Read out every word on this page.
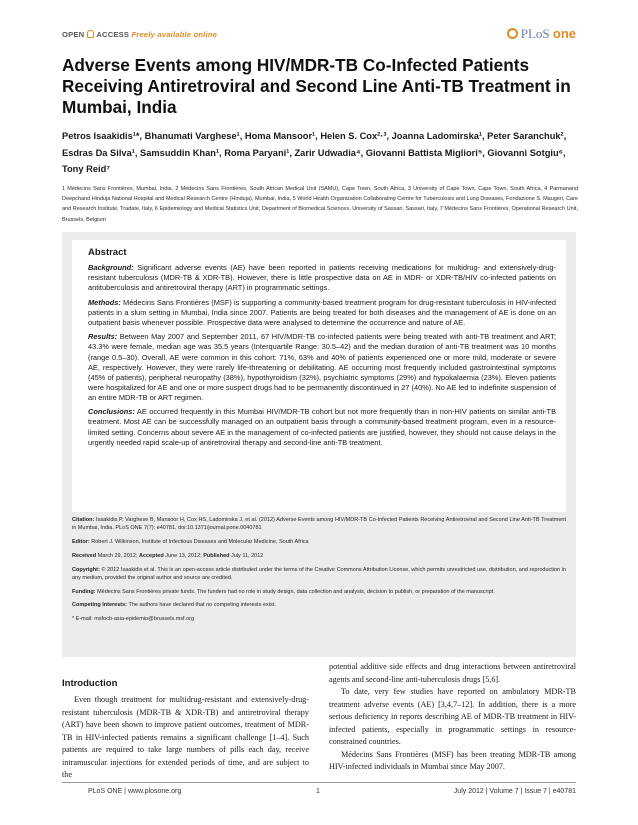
OPEN ACCESS Freely available online	PLoS one
Adverse Events among HIV/MDR-TB Co-Infected Patients Receiving Antiretroviral and Second Line Anti-TB Treatment in Mumbai, India
Petros Isaakidis¹*, Bhanumati Varghese¹, Homa Mansoor¹, Helen S. Cox²·³, Joanna Ladomirska¹, Peter Saranchuk², Esdras Da Silva¹, Samsuddin Khan¹, Roma Paryani¹, Zarir Udwadia⁴, Giovanni Battista Migliori⁵, Giovanni Sotgiu⁶, Tony Reid⁷
1 Médecins Sans Frontières, Mumbai, India, 2 Médecins Sans Frontières, South African Medical Unit (SAMU), Cape Town, South Africa, 3 University of Cape Town, Cape Town, South Africa, 4 Parmanand Deepchand Hinduja National Hospital and Medical Research Centre (Hinduja), Mumbai, India, 5 World Health Organization Collaborating Centre for Tuberculosis and Lung Diseases, Fondazione S. Maugeri, Care and Research Institute, Tradate, Italy, 6 Epidemiology and Medical Statistics Unit, Department of Biomedical Sciences, University of Sassari, Sassari, Italy, 7 Médecins Sans Frontières, Operational Research Unit, Brussels, Belgium
Abstract

Background: Significant adverse events (AE) have been reported in patients receiving medications for multidrug- and extensively-drug-resistant tuberculosis (MDR-TB & XDR-TB). However, there is little prospective data on AE in MDR- or XDR-TB/HIV co-infected patients on antituberculosis and antiretroviral therapy (ART) in programmatic settings.

Methods: Médecins Sans Frontières (MSF) is supporting a community-based treatment program for drug-resistant tuberculosis in HIV-infected patients in a slum setting in Mumbai, India since 2007. Patients are being treated for both diseases and the management of AE is done on an outpatient basis whenever possible. Prospective data were analysed to determine the occurrence and nature of AE.

Results: Between May 2007 and September 2011, 67 HIV/MDR-TB co-infected patients were being treated with anti-TB treatment and ART; 43.3% were female, median age was 35.5 years (Interquartile Range: 30.5–42) and the median duration of anti-TB treatment was 10 months (range 0.5–30). Overall, AE were common in this cohort: 71%, 63% and 40% of patients experienced one or more mild, moderate or severe AE, respectively. However, they were rarely life-threatening or debilitating. AE occurring most frequently included gastrointestinal symptoms (45% of patients), peripheral neuropathy (38%), hypothyroidism (32%), psychiatric symptoms (29%) and hypokalaemia (23%). Eleven patients were hospitalized for AE and one or more suspect drugs had to be permanently discontinued in 27 (40%). No AE led to indefinite suspension of an entire MDR-TB or ART regimen.

Conclusions: AE occurred frequently in this Mumbai HIV/MDR-TB cohort but not more frequently than in non-HIV patients on similar anti-TB treatment. Most AE can be successfully managed on an outpatient basis through a community-based treatment program, even in a resource-limited setting. Concerns about severe AE in the management of co-infected patients are justified, however, they should not cause delays in the urgently needed rapid scale-up of antiretroviral therapy and second-line anti-TB treatment.

Citation: Isaakidis P, Varghese B, Mansoor H, Cox HS, Ladomirska J, et al. (2012) Adverse Events among HIV/MDR-TB Co-Infected Patients Receiving Antiretroviral and Second Line Anti-TB Treatment in Mumbai, India. PLoS ONE 7(7): e40781. doi:10.1371/journal.pone.0040781

Editor: Robert J. Wilkinson, Institute of Infectious Diseases and Molecular Medicine, South Africa

Received March 29, 2012; Accepted June 13, 2012; Published July 11, 2012

Copyright: © 2012 Isaakidis et al. This is an open-access article distributed under the terms of the Creative Commons Attribution License, which permits unrestricted use, distribution, and reproduction in any medium, provided the original author and source are credited.

Funding: Médecins Sans Frontières private funds. The funders had no role in study design, data collection and analysis, decision to publish, or preparation of the manuscript.

Competing Interests: The authors have declared that no competing interests exist.

* E-mail: msfocb-asia-epidemio@brussels.msf.org

Introduction

Even though treatment for multidrug-resistant and extensively-drug-resistant tuberculosis (MDR-TB & XDR-TB) and antiretroviral therapy (ART) have been shown to improve patient outcomes, treatment of MDR-TB in HIV-infected patients remains a significant challenge [1–4]. Such patients are required to take large numbers of pills each day, receive intramuscular injections for extended periods of time, and are subject to the

potential additive side effects and drug interactions between antiretroviral agents and second-line anti-tuberculosis drugs [5,6].

To date, very few studies have reported on ambulatory MDR-TB treatment adverse events (AE) [3,4,7–12]. In addition, there is a more serious deficiency in reports describing AE of MDR-TB treatment in HIV-infected patients, especially in programmatic settings in resource-constrained countries.

Médecins Sans Frontières (MSF) has been treating MDR-TB among HIV-infected individuals in Mumbai since May 2007.

PLoS ONE | www.plosone.org	1	July 2012 | Volume 7 | Issue 7 | e40781
